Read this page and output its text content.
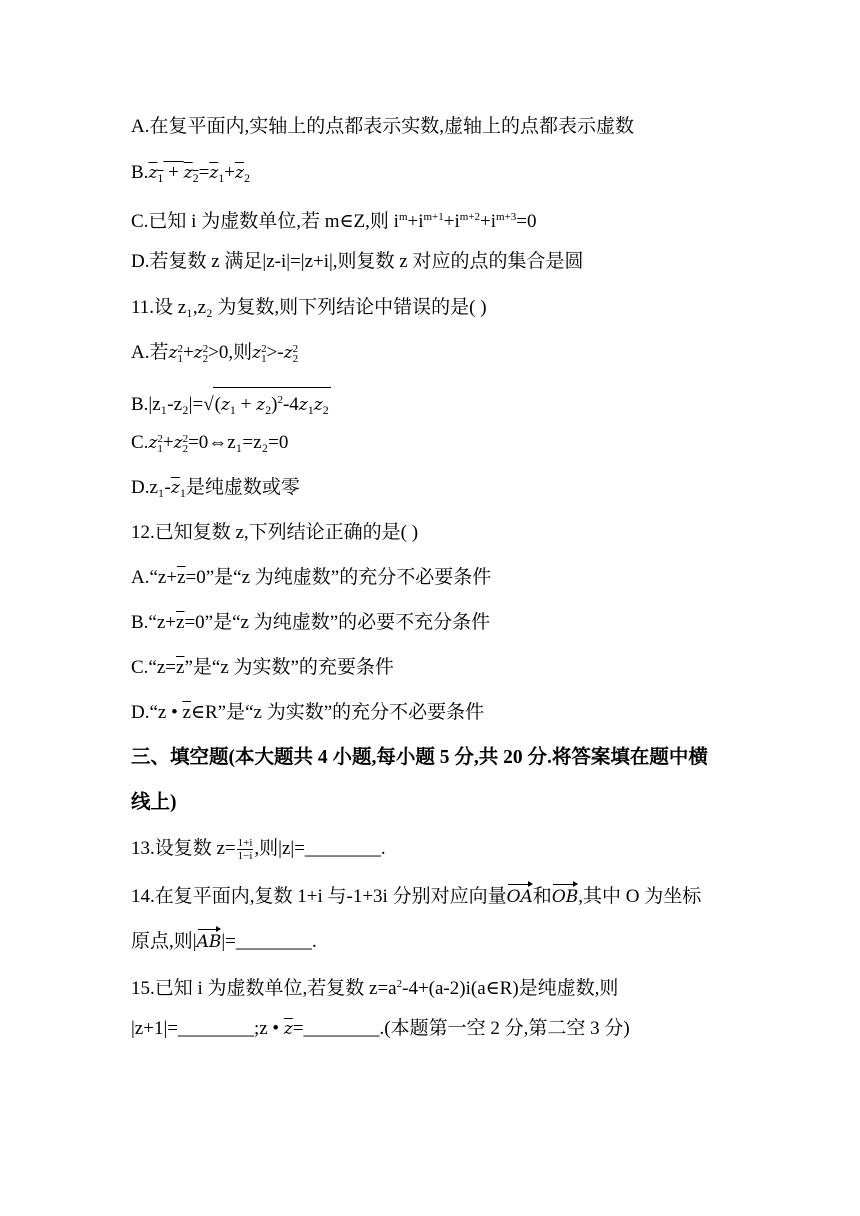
A.在复平面内,实轴上的点都表示实数,虚轴上的点都表示虚数
$B.z_1 + z_2=\overline{z}_1+\overline{z}_2$
C.已知 i 为虚数单位,若 m∈Z,则 $i^m+i^{m+1}+i^{m+2}+i^{m+3}=0$
D.若复数 z 满足|z-i|=|z+i|,则复数 z 对应的点的集合是圆
11.设 z₁,z₂ 为复数,则下列结论中错误的是( )
A.若z 2
1 +z 2
2 >0,则z 2
1 >-z 2
2
$B.|z_1-z_2|=√(z_1 + z_2)^2-4z_1z_2$
C.z 2
1 +z 2
2 =0⇔z₁=z₂=0
$D.z_1-\overline{z}_1$是纯虚数或零
12.已知复数 z,下列结论正确的是( )
$A.“z+\overline{z}=0$”是“z 为纯虚数”的充分不必要条件
$B.“z+\overline{z}=0$”是“z 为纯虚数”的必要不充分条件
$C.“z=\overline{z}$”是“z 为实数”的充要条件
D.“z • $\overline{z}\in R$”是“z 为实数”的充分不必要条件
三、填空题(本大题共 4 小题,每小题 5 分,共 20 分.将答案填在题中横
线上)
13.设复数 $z= \frac{1+i}{1-i}$ ,则|z|=________.
14.在复平面内,复数 1+i 与-1+3i 分别对应向量OA和OB,其中 O 为坐标
原点,则|AB|=________.
15.已知 i 为虚数单位,若复数 $z=a^2-4+(a-2)i(a\in R)$是纯虚数,则
|z+1|=________;z • $\overline{z}=\_\_\_\_\_\_\_\_$.(本题第一空 2 分,第二空 3 分)
